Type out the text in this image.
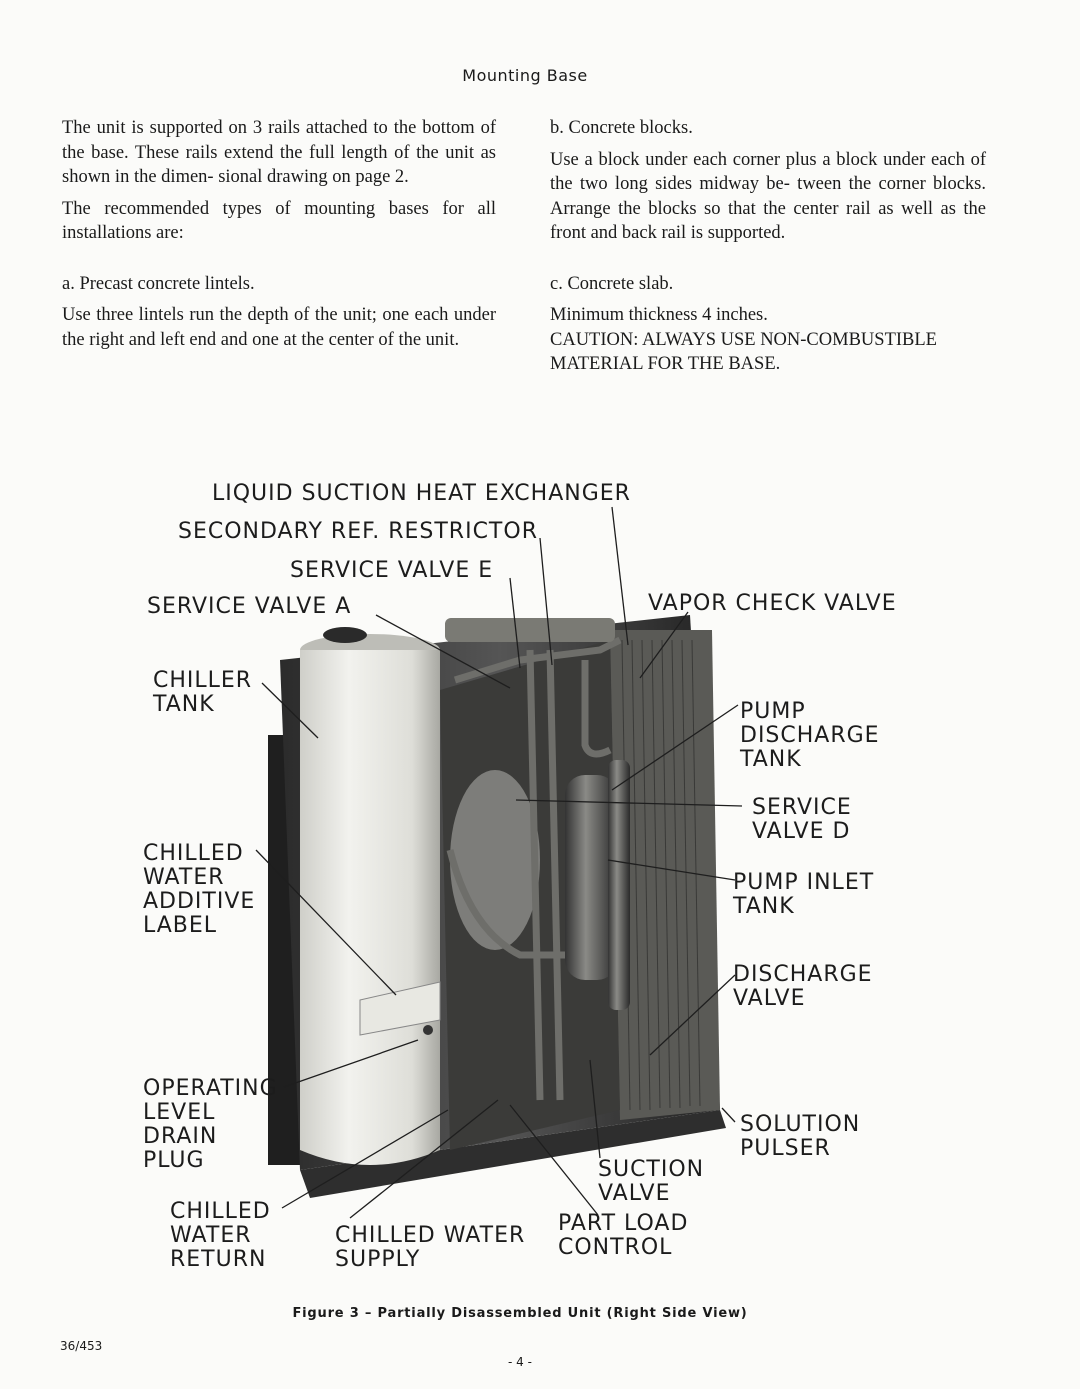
Mounting Base

The unit is supported on 3 rails attached to the bottom of the base. These rails extend the full length of the unit as shown in the dimen- sional drawing on page 2.

The recommended types of mounting bases for all installations are:

a. Precast concrete lintels.

Use three lintels run the depth of the unit; one each under the right and left end and one at the center of the unit.

b. Concrete blocks.

Use a block under each corner plus a block under each of the two long sides midway be- tween the corner blocks. Arrange the blocks so that the center rail as well as the front and back rail is supported.

c. Concrete slab.

Minimum thickness 4 inches.

CAUTION: ALWAYS USE NON-COMBUSTIBLE MATERIAL FOR THE BASE.

LIQUID SUCTION HEAT EXCHANGER
SECONDARY REF. RESTRICTOR
SERVICE VALVE E
SERVICE VALVE A	VAPOR CHECK VALVE
CHILLER
TANK	PUMP
DISCHARGE
TANK
SERVICE
VALVE D
CHILLED
WATER
ADDITIVE
LABEL
PUMP INLET
TANK
DISCHARGE
VALVE
OPERATING
LEVEL
DRAIN
PLUG
SOLUTION
PULSER
SUCTION
VALVE
CHILLED
WATER
RETURN
CHILLED WATER
SUPPLY
PART LOAD
CONTROL
Figure 3 – Partially Disassembled Unit (Right Side View)
36/453
- 4 -
